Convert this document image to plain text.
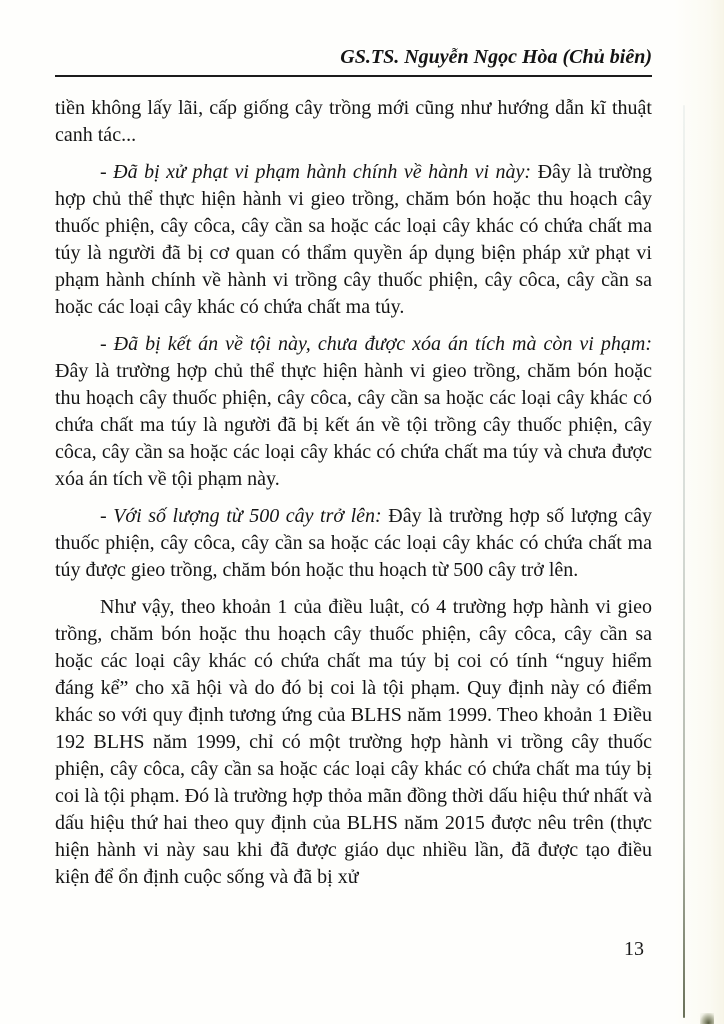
GS.TS. Nguyễn Ngọc Hòa (Chủ biên)

tiền không lấy lãi, cấp giống cây trồng mới cũng như hướng dẫn kĩ thuật canh tác...

- Đã bị xử phạt vi phạm hành chính về hành vi này: Đây là trường hợp chủ thể thực hiện hành vi gieo trồng, chăm bón hoặc thu hoạch cây thuốc phiện, cây côca, cây cần sa hoặc các loại cây khác có chứa chất ma túy là người đã bị cơ quan có thẩm quyền áp dụng biện pháp xử phạt vi phạm hành chính về hành vi trồng cây thuốc phiện, cây côca, cây cần sa hoặc các loại cây khác có chứa chất ma túy.

- Đã bị kết án về tội này, chưa được xóa án tích mà còn vi phạm: Đây là trường hợp chủ thể thực hiện hành vi gieo trồng, chăm bón hoặc thu hoạch cây thuốc phiện, cây côca, cây cần sa hoặc các loại cây khác có chứa chất ma túy là người đã bị kết án về tội trồng cây thuốc phiện, cây côca, cây cần sa hoặc các loại cây khác có chứa chất ma túy và chưa được xóa án tích về tội phạm này.

- Với số lượng từ 500 cây trở lên: Đây là trường hợp số lượng cây thuốc phiện, cây côca, cây cần sa hoặc các loại cây khác có chứa chất ma túy được gieo trồng, chăm bón hoặc thu hoạch từ 500 cây trở lên.

Như vậy, theo khoản 1 của điều luật, có 4 trường hợp hành vi gieo trồng, chăm bón hoặc thu hoạch cây thuốc phiện, cây côca, cây cần sa hoặc các loại cây khác có chứa chất ma túy bị coi có tính “nguy hiểm đáng kể” cho xã hội và do đó bị coi là tội phạm. Quy định này có điểm khác so với quy định tương ứng của BLHS năm 1999. Theo khoản 1 Điều 192 BLHS năm 1999, chỉ có một trường hợp hành vi trồng cây thuốc phiện, cây côca, cây cần sa hoặc các loại cây khác có chứa chất ma túy bị coi là tội phạm. Đó là trường hợp thỏa mãn đồng thời dấu hiệu thứ nhất và dấu hiệu thứ hai theo quy định của BLHS năm 2015 được nêu trên (thực hiện hành vi này sau khi đã được giáo dục nhiều lần, đã được tạo điều kiện để ổn định cuộc sống và đã bị xử

13
